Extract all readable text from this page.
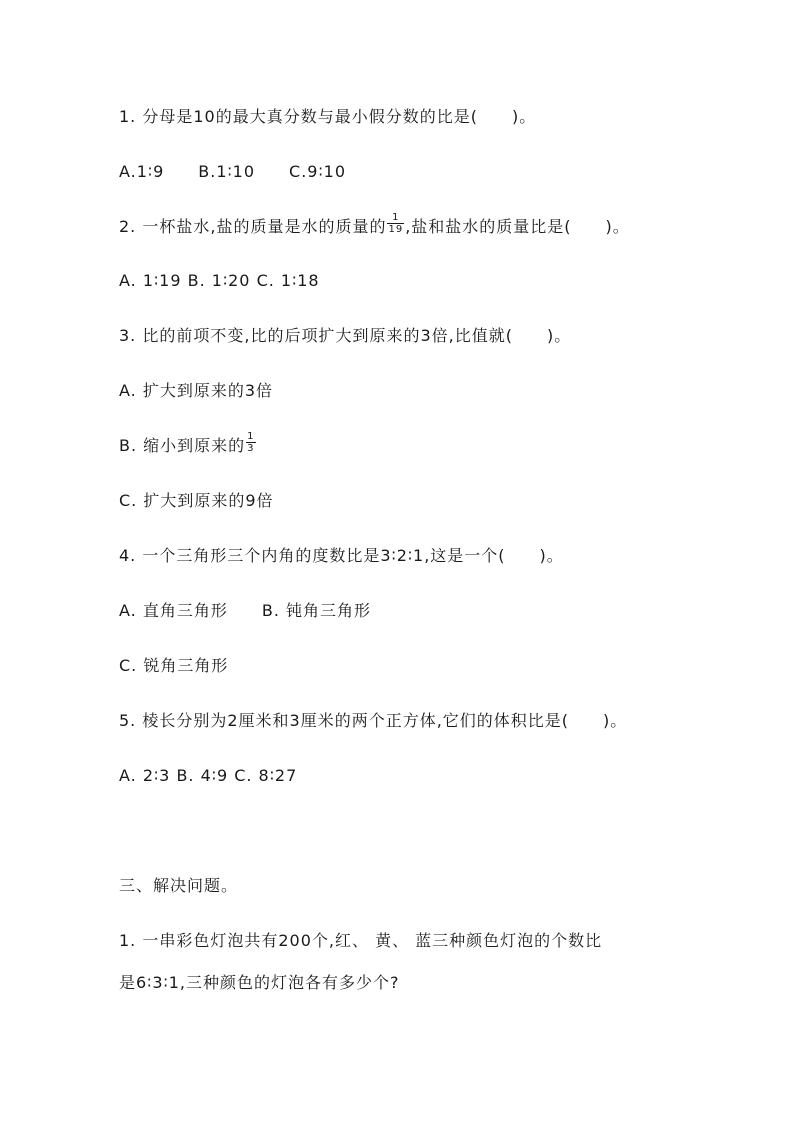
1. 分母是10的最大真分数与最小假分数的比是(　　)。
A.1∶9　　B.1∶10　　C.9∶10
2. 一杯盐水,盐的质量是水的质量的 $\frac{1}{19}$ ,盐和盐水的质量比是(　　)。
A. 1∶19 B. 1∶20 C. 1∶18
3. 比的前项不变,比的后项扩大到原来的3倍,比值就(　　)。
A. 扩大到原来的3倍
B. 缩小到原来的 $\frac{1}{3}$
C. 扩大到原来的9倍
4. 一个三角形三个内角的度数比是3∶2∶1,这是一个(　　)。
A. 直角三角形 B. 钝角三角形
C. 锐角三角形
5. 棱长分别为2厘米和3厘米的两个正方体,它们的体积比是(　　)。
A. 2∶3 B. 4∶9 C. 8∶27
三、解决问题。
1. 一串彩色灯泡共有200个,红、 黄、 蓝三种颜色灯泡的个数比
是6∶3∶1,三种颜色的灯泡各有多少个?
